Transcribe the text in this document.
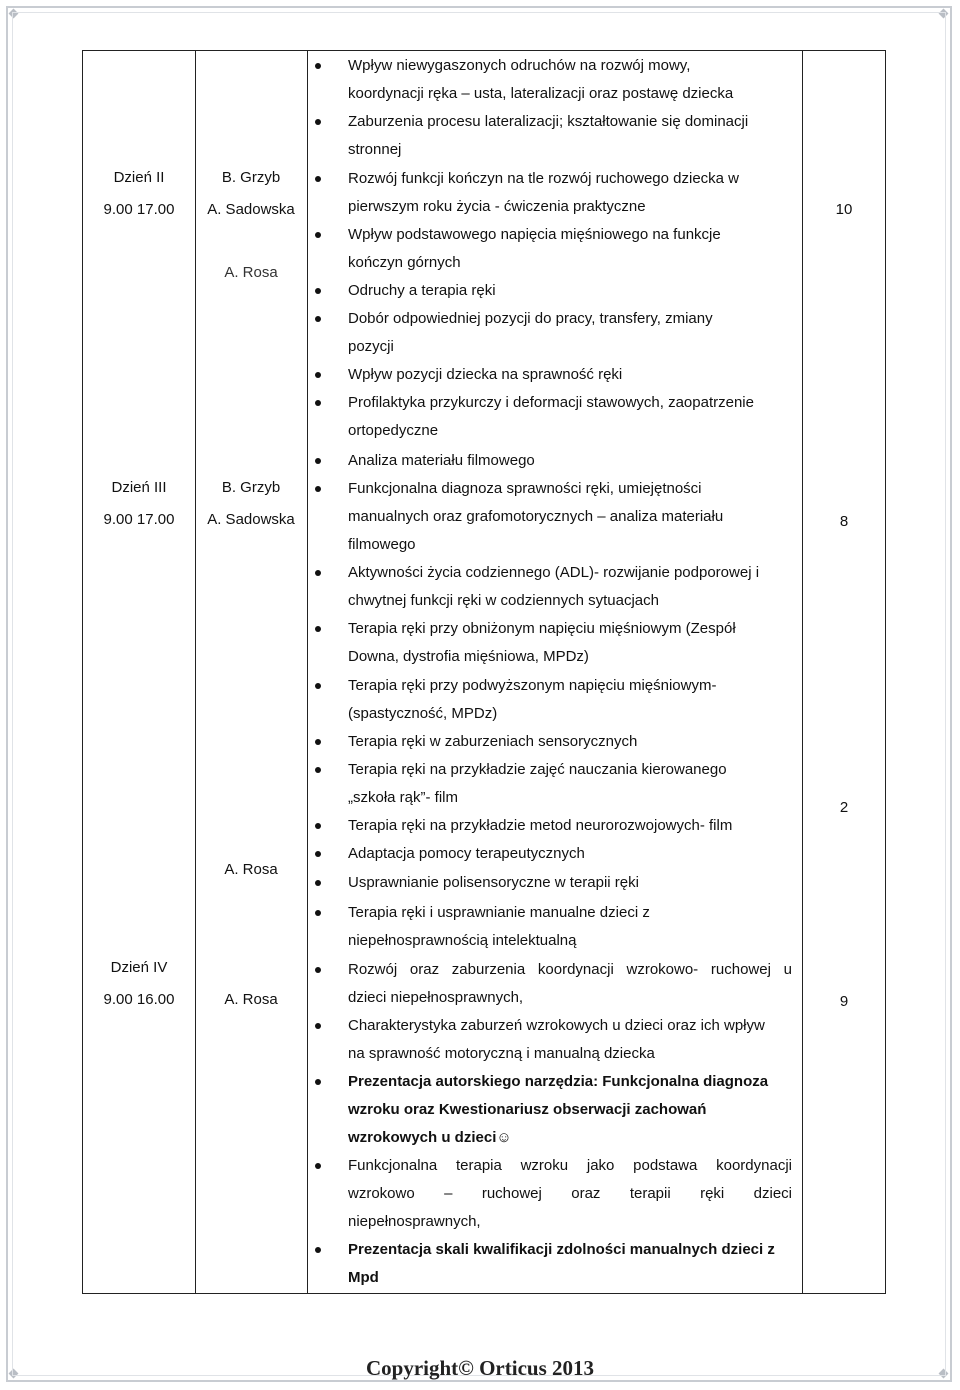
Dzień II
9.00 17.00
B. Grzyb
A. Sadowska
A. Rosa
10
Dzień III
9.00 17.00
B. Grzyb
A. Sadowska
A. Rosa
8
2
Dzień IV
9.00 16.00	A. Rosa	9
Wpływ niewygaszonych odruchów na rozwój mowy,
koordynacji ręka – usta, lateralizacji oraz postawę dziecka
Zaburzenia procesu lateralizacji; kształtowanie się dominacji
stronnej
Rozwój funkcji kończyn na tle rozwój ruchowego dziecka w
pierwszym roku życia - ćwiczenia praktyczne
Wpływ podstawowego napięcia mięśniowego na funkcje
kończyn górnych
Odruchy a terapia ręki
Dobór odpowiedniej pozycji do pracy, transfery, zmiany
pozycji
Wpływ pozycji dziecka na sprawność ręki
Profilaktyka przykurczy i deformacji stawowych, zaopatrzenie
ortopedyczne
Analiza materiału filmowego
Funkcjonalna diagnoza sprawności ręki, umiejętności
manualnych oraz grafomotorycznych – analiza materiału
filmowego
Aktywności życia codziennego (ADL)- rozwijanie podporowej i
chwytnej funkcji ręki w codziennych sytuacjach
Terapia ręki przy obniżonym napięciu mięśniowym (Zespół
Downa, dystrofia mięśniowa, MPDz)
Terapia ręki przy podwyższonym napięciu mięśniowym-
(spastyczność, MPDz)
Terapia ręki w zaburzeniach sensorycznych
Terapia ręki na przykładzie zajęć nauczania kierowanego
„szkoła rąk”- film
Terapia ręki na przykładzie metod neurorozwojowych- film
Adaptacja pomocy terapeutycznych
Usprawnianie polisensoryczne w terapii ręki
Terapia ręki i usprawnianie manualne dzieci z
niepełnosprawnością intelektualną
Rozwój oraz zaburzenia koordynacji wzrokowo- ruchowej u
dzieci niepełnosprawnych,
Charakterystyka zaburzeń wzrokowych u dzieci oraz ich wpływ
na sprawność motoryczną i manualną dziecka
Prezentacja autorskiego narzędzia: Funkcjonalna diagnoza
wzroku oraz Kwestionariusz obserwacji zachowań
wzrokowych u dzieci☺
Funkcjonalna terapia wzroku jako podstawa koordynacji
wzrokowo – ruchowej oraz terapii ręki dzieci
niepełnosprawnych,
Prezentacja skali kwalifikacji zdolności manualnych dzieci z
Mpd
Copyright© Orticus 2013
